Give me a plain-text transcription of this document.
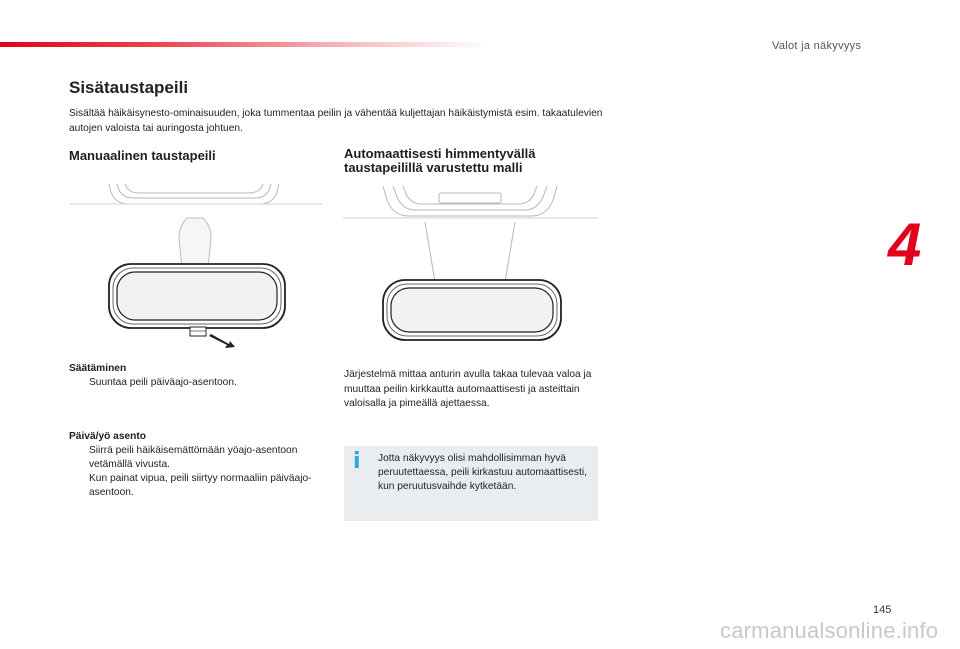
Valot ja näkyvyys
4
Sisätaustapeili

Sisältää häikäisynesto-ominaisuuden, joka tummentaa peilin ja vähentää kuljettajan häikäistymistä esim. takaatulevien autojen valoista tai auringosta johtuen.

Manuaalinen taustapeili	Automaattisesti himmentyvällä taustapeilillä varustettu malli

Säätäminen

Suuntaa peili päiväajo-asentoon.

Päivä/yö asento

Siirrä peili häikäisemättömään yöajo-asentoon vetämällä vivusta.
Kun painat vipua, peili siirtyy normaaliin päiväajo-asentoon.

Järjestelmä mittaa anturin avulla takaa tulevaa valoa ja muuttaa peilin kirkkautta automaattisesti ja asteittain valoisalla ja pimeällä ajettaessa.

i	Jotta näkyvyys olisi mahdollisimman hyvä peruutettaessa, peili kirkastuu automaattisesti, kun peruutusvaihde kytketään.

145
carmanualsonline.info
